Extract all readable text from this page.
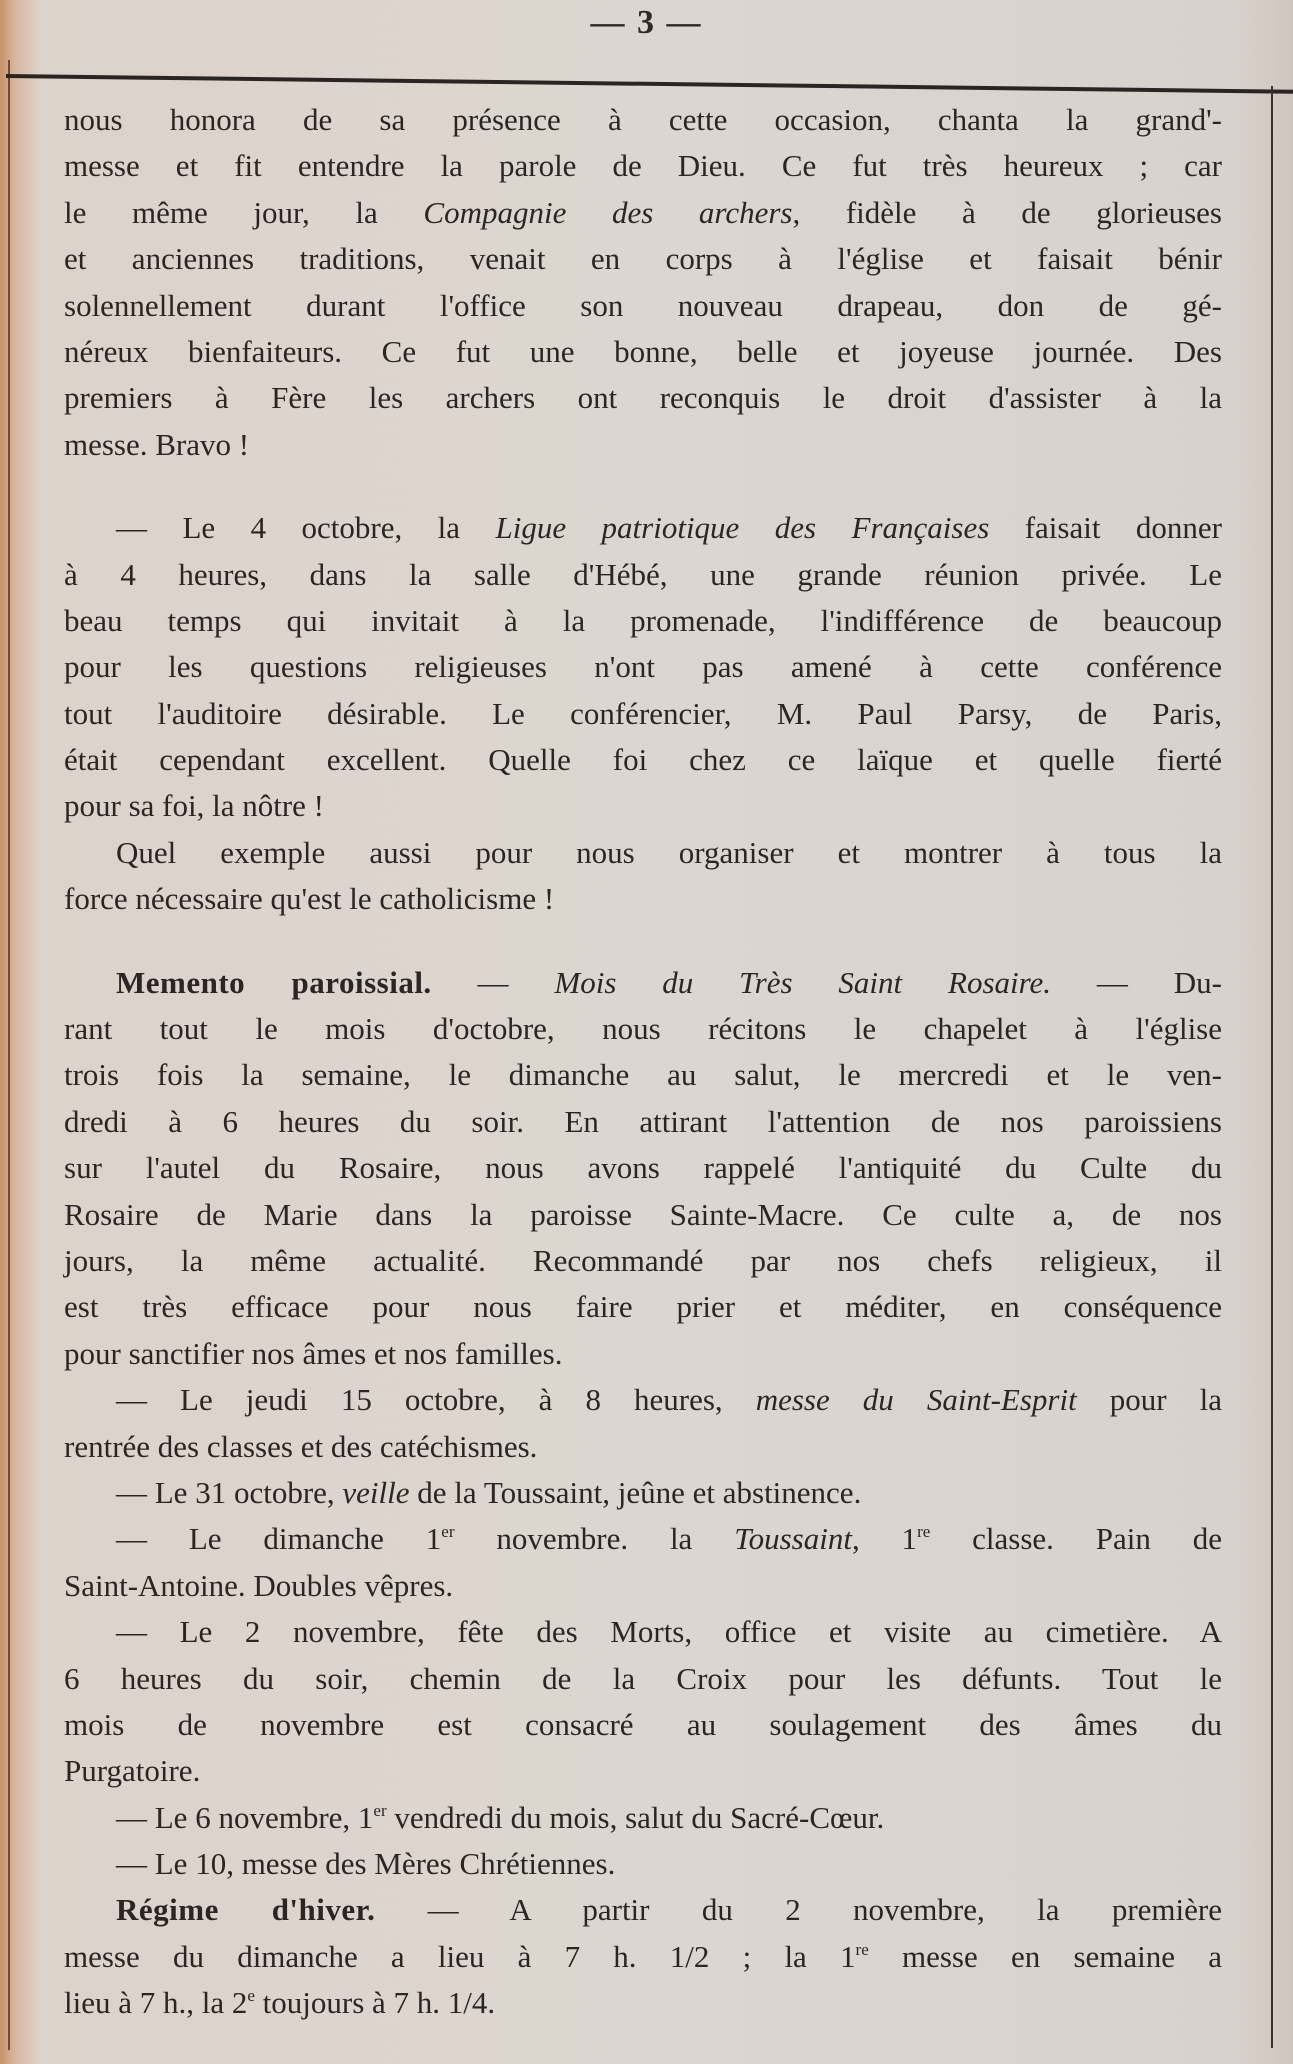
— 3 —
nous honora de sa présence à cette occasion, chanta la grand'-
messe et fit entendre la parole de Dieu. Ce fut très heureux ; car
le même jour, la Compagnie des archers, fidèle à de glorieuses
et anciennes traditions, venait en corps à l'église et faisait bénir
solennellement durant l'office son nouveau drapeau, don de gé-
néreux bienfaiteurs. Ce fut une bonne, belle et joyeuse journée. Des
premiers à Fère les archers ont reconquis le droit d'assister à la
messe. Bravo !
— Le 4 octobre, la Ligue patriotique des Françaises faisait donner
à 4 heures, dans la salle d'Hébé, une grande réunion privée. Le
beau temps qui invitait à la promenade, l'indifférence de beaucoup
pour les questions religieuses n'ont pas amené à cette conférence
tout l'auditoire désirable. Le conférencier, M. Paul Parsy, de Paris,
était cependant excellent. Quelle foi chez ce laïque et quelle fierté
pour sa foi, la nôtre !
Quel exemple aussi pour nous organiser et montrer à tous la
force nécessaire qu'est le catholicisme !
Memento paroissial. — Mois du Très Saint Rosaire. — Du-
rant tout le mois d'octobre, nous récitons le chapelet à l'église
trois fois la semaine, le dimanche au salut, le mercredi et le ven-
dredi à 6 heures du soir. En attirant l'attention de nos paroissiens
sur l'autel du Rosaire, nous avons rappelé l'antiquité du Culte du
Rosaire de Marie dans la paroisse Sainte-Macre. Ce culte a, de nos
jours, la même actualité. Recommandé par nos chefs religieux, il
est très efficace pour nous faire prier et méditer, en conséquence
pour sanctifier nos âmes et nos familles.
— Le jeudi 15 octobre, à 8 heures, messe du Saint-Esprit pour la
rentrée des classes et des catéchismes.
— Le 31 octobre, veille de la Toussaint, jeûne et abstinence.
— Le dimanche 1er novembre. la Toussaint, 1re classe. Pain de
Saint-Antoine. Doubles vêpres.
— Le 2 novembre, fête des Morts, office et visite au cimetière. A
6 heures du soir, chemin de la Croix pour les défunts. Tout le
mois de novembre est consacré au soulagement des âmes du
Purgatoire.
— Le 6 novembre, 1er vendredi du mois, salut du Sacré-Cœur.
— Le 10, messe des Mères Chrétiennes.
Régime d'hiver. — A partir du 2 novembre, la première
messe du dimanche a lieu à 7 h. 1/2 ; la 1re messe en semaine a
lieu à 7 h., la 2e toujours à 7 h. 1/4.
